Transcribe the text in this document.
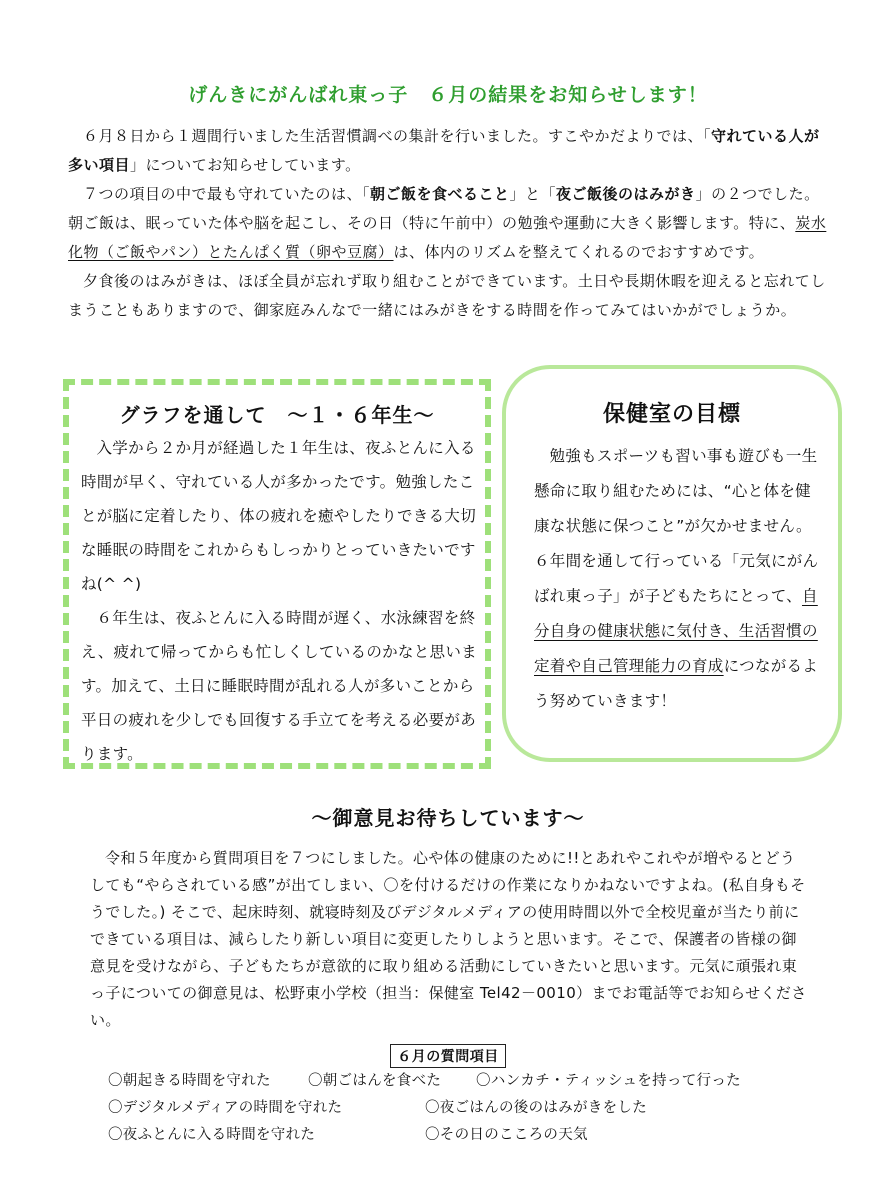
げんきにがんばれ東っ子　６月の結果をお知らせします！

６月８日から１週間行いました生活習慣調べの集計を行いました。すこやかだよりでは、「守れている人が多い項目」についてお知らせしています。

７つの項目の中で最も守れていたのは、「朝ご飯を食べること」と「夜ご飯後のはみがき」の２つでした。朝ご飯は、眠っていた体や脳を起こし、その日（特に午前中）の勉強や運動に大きく影響します。特に、炭水化物（ご飯やパン）とたんぱく質（卵や豆腐）は、体内のリズムを整えてくれるのでおすすめです。

夕食後のはみがきは、ほぼ全員が忘れず取り組むことができています。土日や長期休暇を迎えると忘れてしまうこともありますので、御家庭みんなで一緒にはみがきをする時間を作ってみてはいかがでしょうか。

グラフを通して　～１・６年生～

入学から２か月が経過した１年生は、夜ふとんに入る時間が早く、守れている人が多かったです。勉強したことが脳に定着したり、体の疲れを癒やしたりできる大切な睡眠の時間をこれからもしっかりとっていきたいですね(^ ^)

６年生は、夜ふとんに入る時間が遅く、水泳練習を終え、疲れて帰ってからも忙しくしているのかなと思います。加えて、土日に睡眠時間が乱れる人が多いことから平日の疲れを少しでも回復する手立てを考える必要があります。

保健室の目標

勉強もスポーツも習い事も遊びも一生懸命に取り組むためには、“心と体を健康な状態に保つこと”が欠かせません。６年間を通して行っている「元気にがんばれ東っ子」が子どもたちにとって、自分自身の健康状態に気付き、生活習慣の定着や自己管理能力の育成につながるよう努めていきます！

～御意見お待ちしています～

令和５年度から質問項目を７つにしました。心や体の健康のために!!とあれやこれやが増やるとどうしても“やらされている感”が出てしまい、〇を付けるだけの作業になりかねないですよね。(私自身もそうでした。) そこで、起床時刻、就寝時刻及びデジタルメディアの使用時間以外で全校児童が当たり前にできている項目は、減らしたり新しい項目に変更したりしようと思います。そこで、保護者の皆様の御意見を受けながら、子どもたちが意欲的に取り組める活動にしていきたいと思います。元気に頑張れ東っ子についての御意見は、松野東小学校（担当：保健室 Tel42－0010）までお電話等でお知らせください。

６月の質問項目
〇朝起きる時間を守れた	〇朝ごはんを食べた 〇ハンカチ・ティッシュを持って行った
〇デジタルメディアの時間を守れた	〇夜ごはんの後のはみがきをした
〇夜ふとんに入る時間を守れた	〇その日のこころの天気
